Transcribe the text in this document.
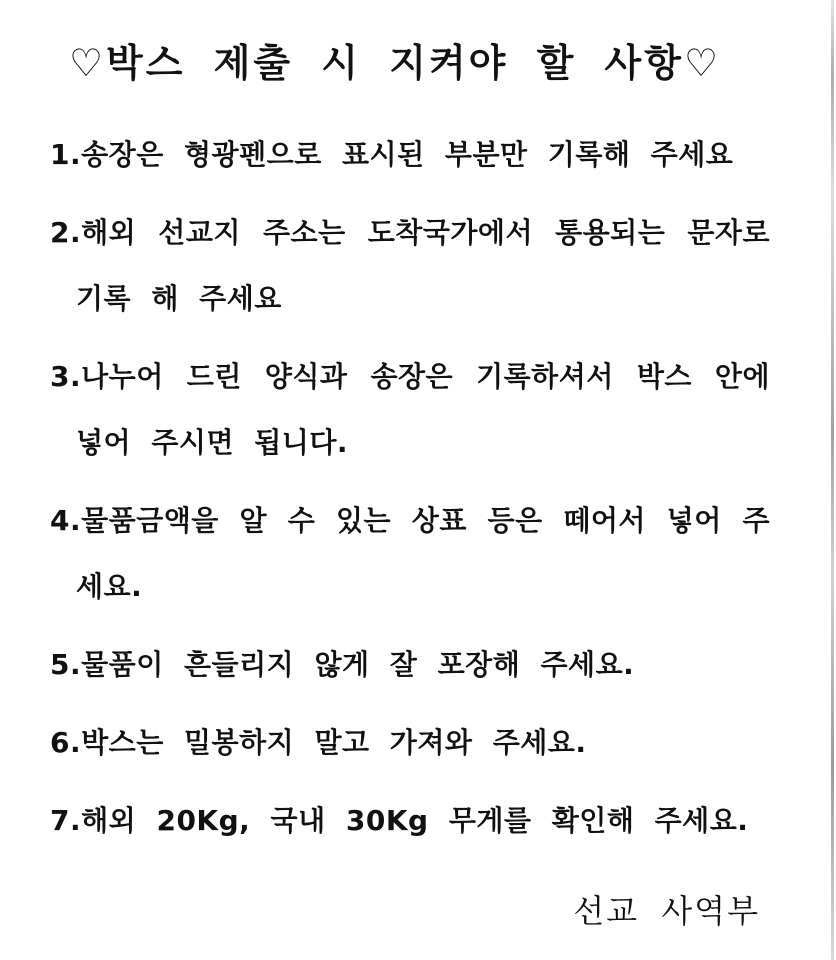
♡박스 제출 시 지켜야 할 사항♡
1.송장은 형광펜으로 표시된 부분만 기록해 주세요
2.해외 선교지 주소는 도착국가에서 통용되는 문자로 기록 해 주세요
3.나누어 드린 양식과 송장은 기록하셔서 박스 안에 넣어 주시면 됩니다.
4.물품금액을 알 수 있는 상표 등은 떼어서 넣어 주세요.
5.물품이 흔들리지 않게 잘 포장해 주세요.
6.박스는 밀봉하지 말고 가져와 주세요.
7.해외 20Kg, 국내 30Kg 무게를 확인해 주세요.
선교 사역부
